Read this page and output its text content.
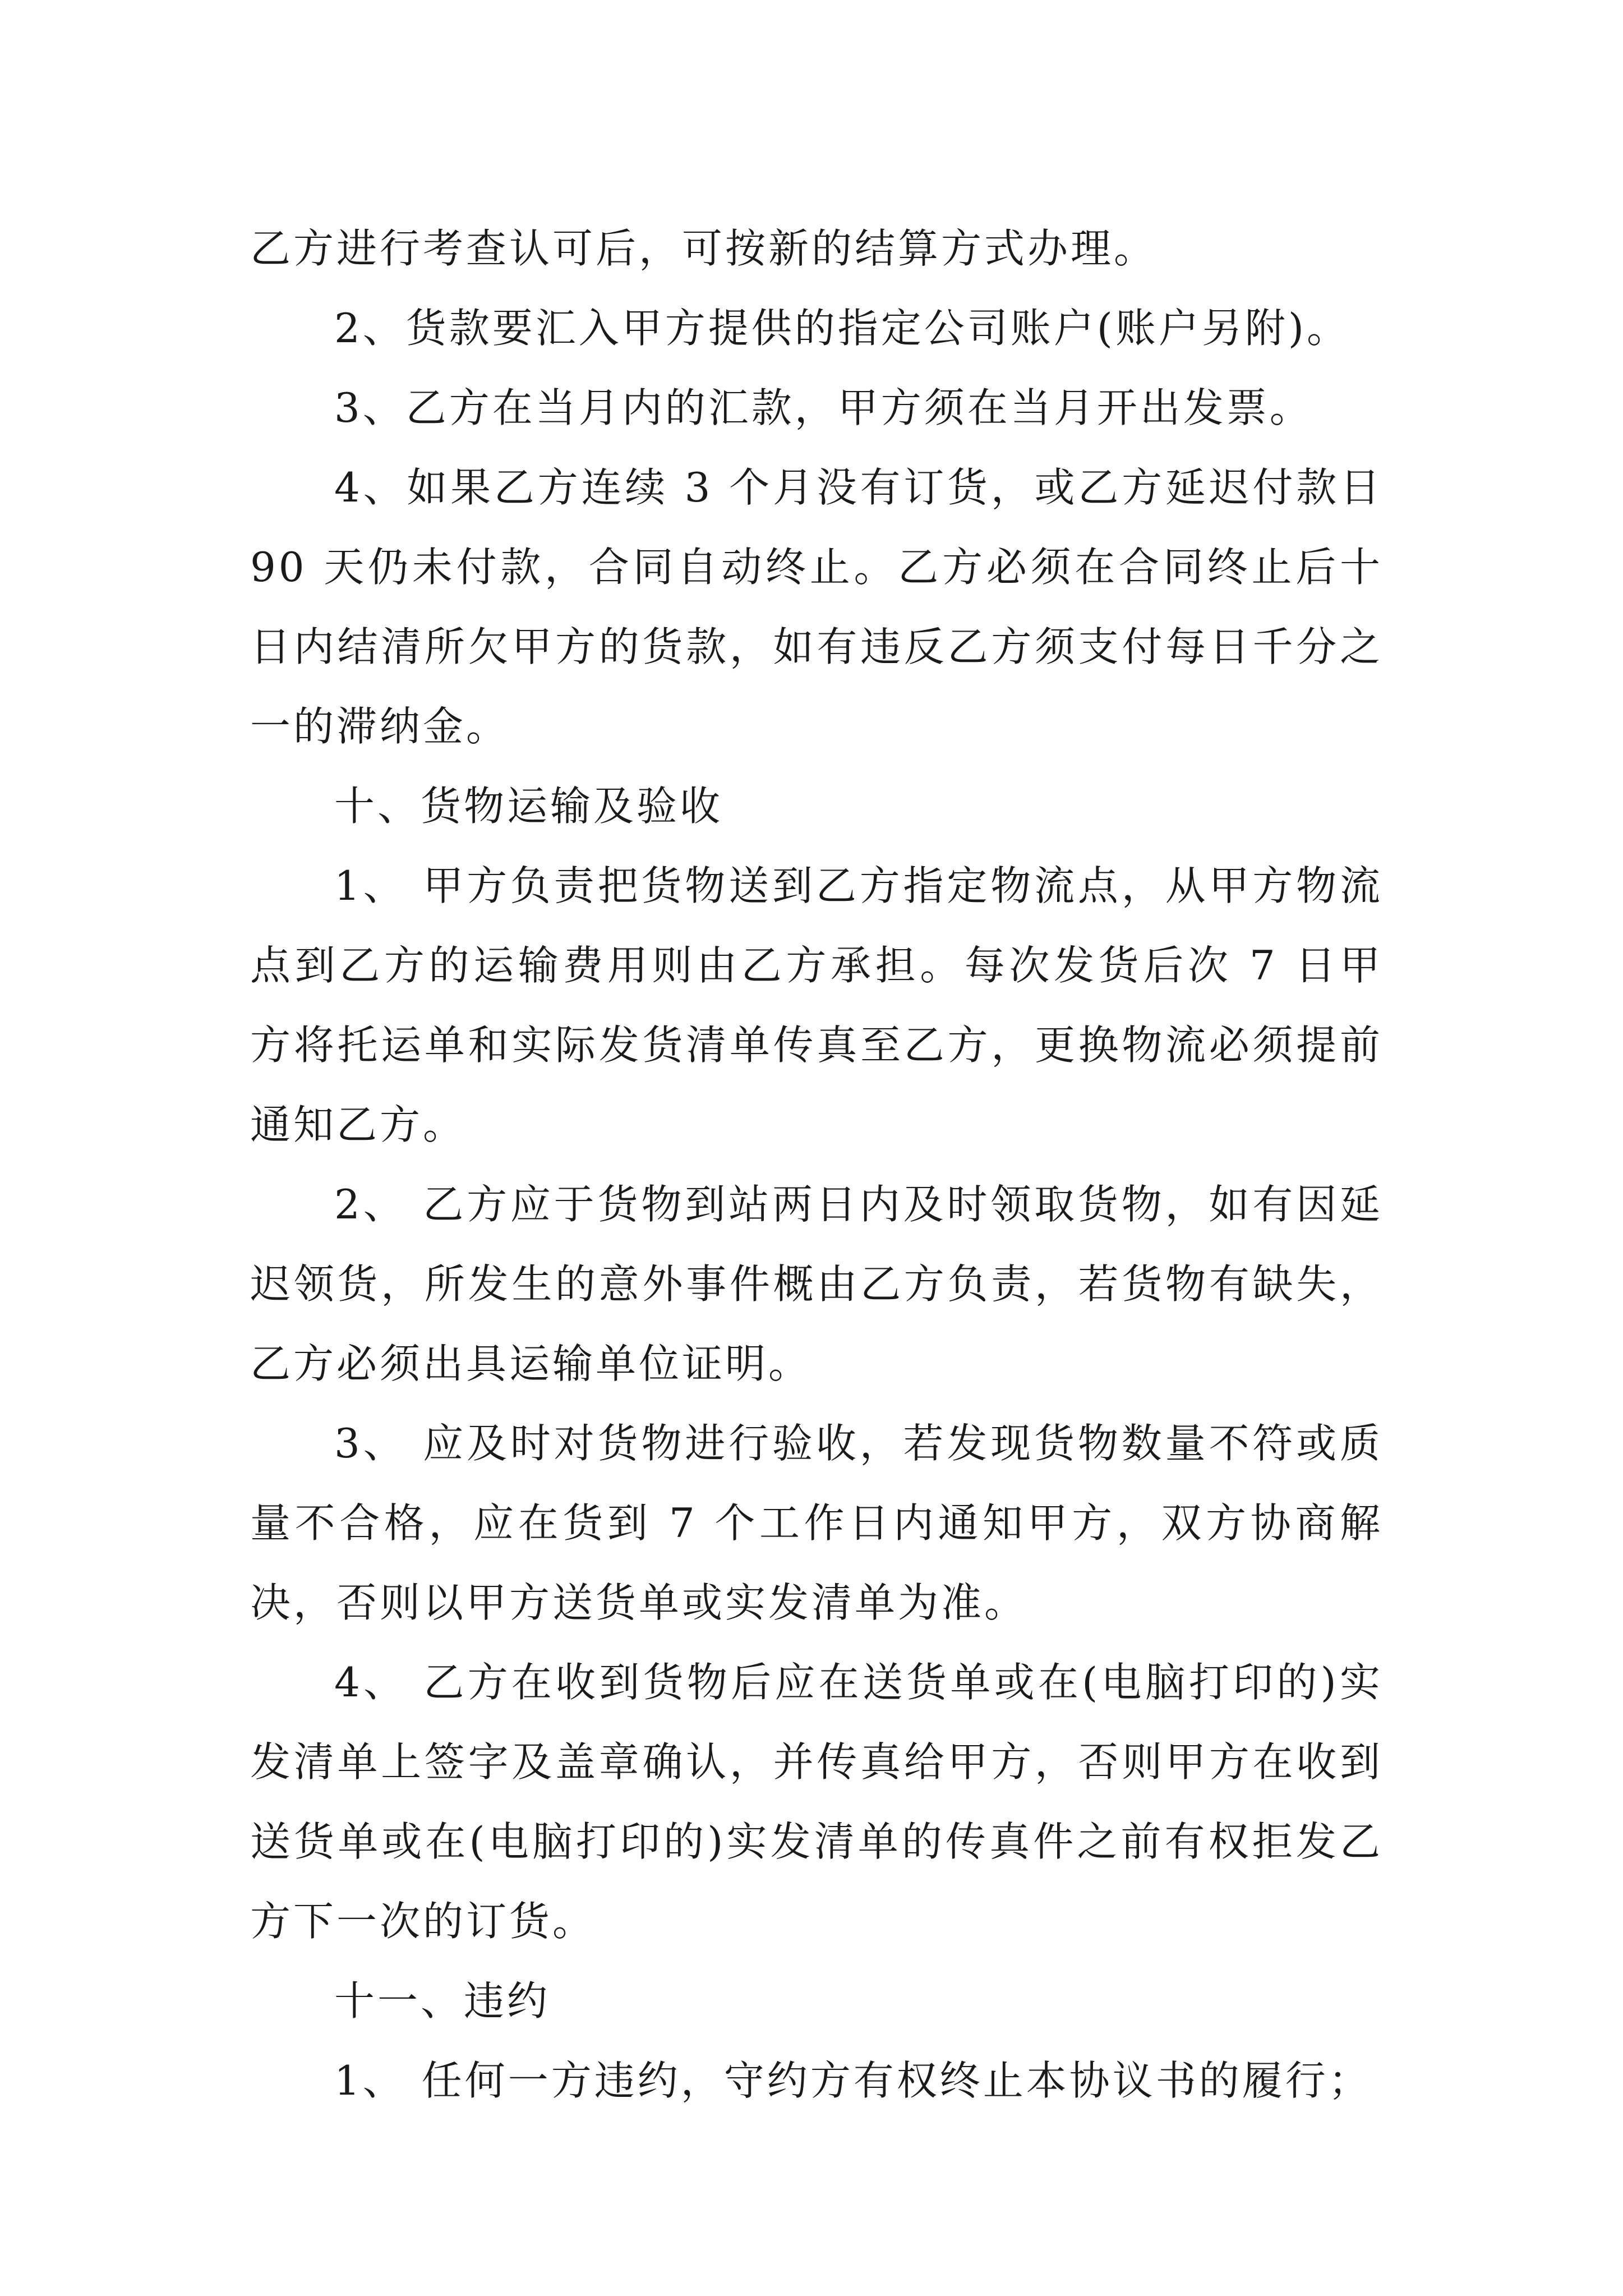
乙方进行考查认可后，可按新的结算方式办理。

2、货款要汇入甲方提供的指定公司账户(账户另附)。

3、乙方在当月内的汇款，甲方须在当月开出发票。

4、如果乙方连续 3 个月没有订货，或乙方延迟付款日 90 天仍未付款，合同自动终止。乙方必须在合同终止后十日内结清所欠甲方的货款，如有违反乙方须支付每日千分之一的滞纳金。

十、货物运输及验收

1、 甲方负责把货物送到乙方指定物流点，从甲方物流点到乙方的运输费用则由乙方承担。每次发货后次 7 日甲方将托运单和实际发货清单传真至乙方，更换物流必须提前通知乙方。

2、 乙方应于货物到站两日内及时领取货物，如有因延迟领货，所发生的意外事件概由乙方负责，若货物有缺失，乙方必须出具运输单位证明。

3、 应及时对货物进行验收，若发现货物数量不符或质量不合格，应在货到 7 个工作日内通知甲方，双方协商解决，否则以甲方送货单或实发清单为准。

4、 乙方在收到货物后应在送货单或在(电脑打印的)实发清单上签字及盖章确认，并传真给甲方，否则甲方在收到送货单或在(电脑打印的)实发清单的传真件之前有权拒发乙方下一次的订货。

十一、违约

1、 任何一方违约，守约方有权终止本协议书的履行；
